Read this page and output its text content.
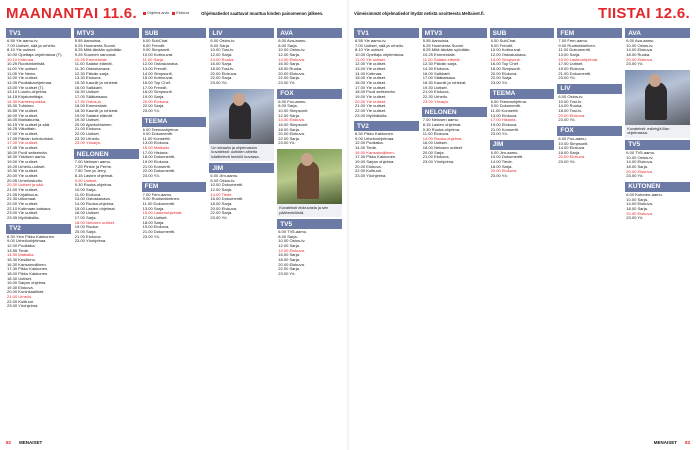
MAANANTAI 11.6.	Ohjelma-arvio	Elokuva	Ohjelmatiedot saattavat muuttua kinden painomenon jälkeen.	Viimeisimmät ohjelmatiedot löydät netistä osoitteesta Meltaiset.fi.	TIISTAI 12.6.
TV1
6.55 Yle aamu-tv.
7.00 Uutiset, sää ja urheilu.
8.10 Yle uutiset.
10.00 Opettaja ohjelmistoa (T).
10.10 Kotimaa.
10.25 Ruotsinkielistä.
11.00 Yle uutiset.
11.05 Yle News.
12.00 Yle uutiset.
12.05 Puoliaikaohjelmaa.
13.00 Yle uutiset (T).
13.10 Luonto-ohjelma.
14.15 Kirjatoimittaja.
14.35 Kanteenpaikka.
15.30 Tuhkimo.
15.55 Yle uutiset.
16.00 Yle uutiset.
16.05 Mainakunta.
16.15 Yle uutiset ja sää.
16.25 Viikoittain.
17.00 Yle uutiset.
17.05 Päivän kohokohdat.
17.30 Yle uutiset.
17.45 Yle uutiset.
18.00 Puoli seitsemän.
18.30 Ykkösen aamu.
19.00 Yle uutiset.
19.20 Urheilu-uutiset.
19.30 Yle uutiset.
20.00 Yle uutiset.
20.05 Urheilustudio.
20.30 Uutiset ja sää.
21.00 Yle uutiset.
21.05 Kirjallisuus.
21.30 Ulkomaat.
22.00 Yle uutiset.
22.10 Kotimaan katsaus.
23.00 Yle uutiset.
23.05 Myöhäisilta.
TV2
6.30 Ylen Pikku Kakkonen.
9.00 Urheiluohjelmaa.
12.00 Puoliaika.
13.55 Tiede.
14.30 Matkalla.
15.30 Kesäkino.
16.30 Kansainvälinen.
17.30 Pikku Kakkonen.
18.00 Pikku Kakkonen.
18.30 Uutiset.
19.00 Sarjan ohjelma.
19.30 Elokuva.
20.00 Kuninkaalliset.
21.00 Urheilu.
22.00 Kulttuuri.
23.00 Yöohjelma.
MTV3
5.55 Aamuisia.
6.25 Huomenta Suomi.
8.25 Mitä tänään syödään.
9.25 Suomen sanomat.
10.25 Emmerdale.
11.00 Salatut elämät.
11.30 Ostoskanava.
12.30 Päivän sarja.
13.30 Elokuva.
15.30 Kauniit ja rohkeat.
16.00 Salkkarit.
16.30 Uutiset.
17.00 Sääkatsaus.
17.30 Ostos-tv.
18.00 Emmerdale.
18.30 Kauniit ja rohkeat.
19.00 Salatut elämät.
19.30 Uutiset.
20.00 Ajankohtainen.
21.00 Elokuva.
22.00 Uutiset.
22.30 Urheilu.
23.00 Yösarja.
NELONEN
7.00 Nelosen aamu.
7.25 Pinkie ja Perhe.
7.50 Tom ja Jerry.
8.15 Lasten ohjelmat.
9.00 Uutiset.
9.30 Ruoka-ohjelma.
10.00 Sarja.
11.00 Elokuva.
13.00 Ostoskanava.
14.00 Ruoka-ohjelma.
15.00 Lasten ohjelmat.
16.00 Uutiset.
17.00 Sarja.
18.00 Nelosen uutiset.
19.00 Ruoka.
20.00 Sarja.
21.00 Elokuva.
23.00 Yöohjelma.
SUB
6.00 SubChat.
8.00 Frendit.
9.00 Simpsonit.
10.00 Kotirouvat.
11.00 Sarja.
12.00 Ostoskanava.
13.00 Frendit.
14.00 Simpsonit.
15.00 Kotirouvat.
16.00 Top Chef.
17.00 Frendit.
18.00 Simpsonit.
19.00 Sarja.
20.00 Elokuva.
22.00 Sarja.
23.00 Yö.
TEEMA
6.00 Teemaohjelma.
9.00 Dokumentti.
11.00 Konsertti.
13.00 Elokuva.
15.00 Matkailu.
17.00 Historia.
18.00 Dokumentti.
19.00 Elokuva.
21.00 Konsertti.
22.00 Dokumentti.
23.00 Yö.
FEM
7.00 Fem-aamu.
9.00 Ruotsinkielinen.
11.00 Dokumentti.
13.00 Sarja.
15.00 Lastenohjelmat.
17.00 Uutiset.
18.00 Sarja.
19.00 Elokuva.
21.00 Dokumentti.
23.00 Yö.
LIV
6.00 Ostos-tv.
8.00 Sarja.
10.00 Tosi-tv.
12.00 Sarja.
14.00 Ruoka.
16.00 Sarja.
18.00 Tosi-tv.
20.00 Elokuva.
22.00 Sarja.
23.00 Yö.
Un ideaalin ja ohjelmaston kuvateksti: uutisten aiheita käsittelevä henkilö kuvassa.
JIM
6.00 Jim-aamu.
8.00 Ostos-tv.
10.00 Dokumentti.
12.00 Sarja.
14.00 Tiede.
16.00 Dokumentti.
18.00 Sarja.
20.00 Elokuva.
22.00 Sarja.
23.00 Yö.
AVA
6.00 Ava-aamu.
8.00 Sarja.
10.00 Ostos-tv.
12.00 Sarja.
14.00 Elokuva.
16.00 Sarja.
18.00 Ruoka.
20.00 Elokuva.
22.00 Sarja.
23.00 Yö.
FOX
6.00 Fox-aamu.
8.00 Sarja.
10.00 Simpsonit.
12.00 Sarja.
14.00 Elokuva.
16.00 Simpsonit.
18.00 Sarja.
20.00 Elokuva.
22.00 Sarja.
23.00 Yö.
Kuvateksti elokuvasta ja sen päähenkilöstä.
TV5
6.00 TV5-aamu.
8.00 Sarja.
10.00 Ostos-tv.
12.00 Sarja.
14.00 Elokuva.
16.00 Sarja.
18.00 Sarja.
20.00 Elokuva.
22.00 Sarja.
23.00 Yö.
TV1
6.55 Yle aamu-tv.
7.00 Uutiset, sää ja urheilu.
8.10 Yle uutiset.
10.00 Opettaja ohjelmistoa.
11.00 Yle uutiset.
12.00 Yle uutiset.
13.00 Yle uutiset.
14.00 Kotimaa.
15.00 Yle uutiset.
16.00 Yle uutiset.
17.00 Yle uutiset.
18.00 Puoli seitsemän.
19.00 Yle uutiset.
20.00 Yle uutiset.
21.00 Yle uutiset.
22.00 Yle uutiset.
23.00 Myöhäisilta.
TV2
6.30 Pikku Kakkonen.
9.00 Urheiluohjelmaa.
12.00 Puoliaika.
14.00 Tiede.
16.00 Kansainvälinen.
17.30 Pikku Kakkonen.
19.00 Sarjan ohjelma.
20.00 Elokuva.
22.00 Kulttuuri.
23.00 Yöohjelma.
MTV3
5.55 Aamuisia.
6.25 Huomenta Suomi.
8.25 Mitä tänään syödään.
10.25 Emmerdale.
11.00 Salatut elämät.
12.30 Päivän sarja.
14.30 Elokuva.
16.00 Salkkarit.
17.00 Sääkatsaus.
18.30 Kauniit ja rohkeat.
19.30 Uutiset.
21.00 Elokuva.
22.30 Urheilu.
23.00 Yösarja.
NELONEN
7.00 Nelosen aamu.
8.15 Lasten ohjelmat.
9.30 Ruoka-ohjelma.
11.00 Elokuva.
14.00 Ruoka-ohjelma.
16.00 Uutiset.
18.00 Nelosen uutiset.
20.00 Sarja.
21.00 Elokuva.
23.00 Yöohjelma.
SUB
6.00 SubChat.
8.00 Frendit.
10.00 Kotirouvat.
12.00 Ostoskanava.
14.00 Simpsonit.
16.00 Top Chef.
18.00 Simpsonit.
20.00 Elokuva.
22.00 Sarja.
23.00 Yö.
TEEMA
6.00 Teemaohjelma.
9.00 Dokumentti.
11.00 Konsertti.
13.00 Elokuva.
17.00 Historia.
19.00 Elokuva.
21.00 Konsertti.
23.00 Yö.
JIM
6.00 Jim-aamu.
10.00 Dokumentti.
14.00 Tiede.
18.00 Sarja.
20.00 Elokuva.
23.00 Yö.
FEM
7.00 Fem-aamu.
9.00 Ruotsinkielinen.
11.00 Dokumentti.
13.00 Sarja.
15.00 Lastenohjelmat.
17.00 Uutiset.
19.00 Elokuva.
21.00 Dokumentti.
23.00 Yö.
LIV
6.00 Ostos-tv.
10.00 Tosi-tv.
14.00 Ruoka.
18.00 Tosi-tv.
20.00 Elokuva.
23.00 Yö.
FOX
6.00 Fox-aamu.
10.00 Simpsonit.
14.00 Elokuva.
18.00 Sarja.
20.00 Elokuva.
23.00 Yö.
AVA
6.00 Ava-aamu.
10.00 Ostos-tv.
14.00 Elokuva.
18.00 Ruoka.
20.00 Elokuva.
23.00 Yö.
Kuvateksti: esiintyjä illan ohjelmassa.
TV5
6.00 TV5-aamu.
10.00 Ostos-tv.
14.00 Elokuva.
18.00 Sarja.
20.00 Elokuva.
23.00 Yö.
KUTONEN
6.00 Kutonen-aamu.
10.00 Sarja.
14.00 Elokuva.
18.00 Sarja.
20.00 Elokuva.
23.00 Yö.
82 MENAISET	MENAISET 83
